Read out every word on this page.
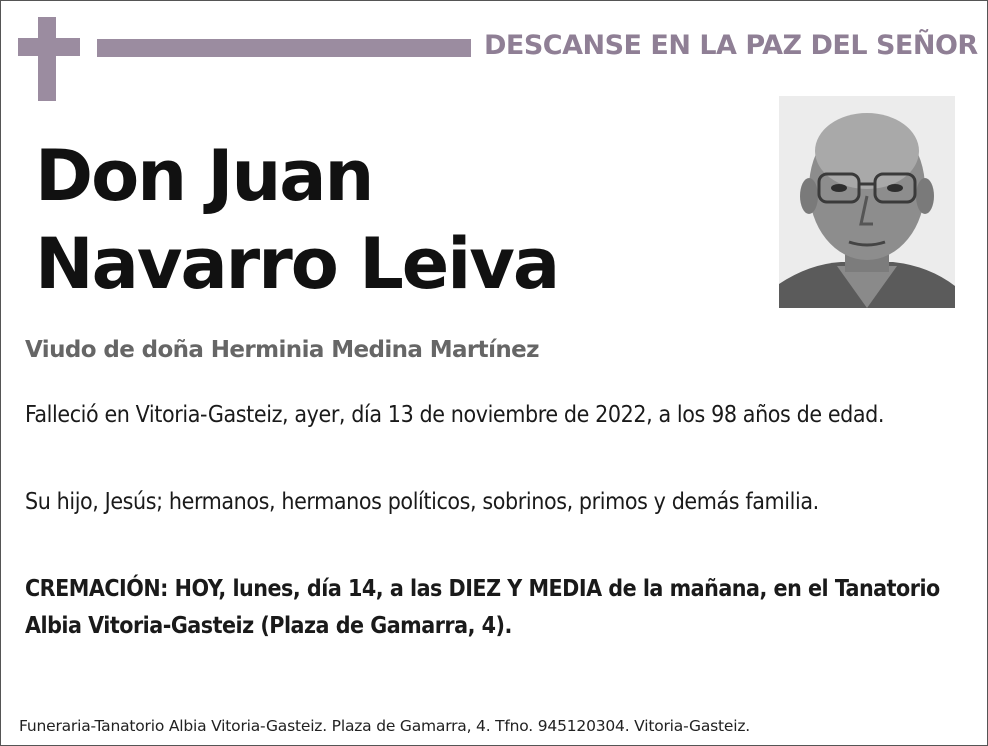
DESCANSE EN LA PAZ DEL SEÑOR
Don Juan
Navarro Leiva
Viudo de doña Herminia Medina Martínez
Falleció en Vitoria-Gasteiz, ayer, día 13 de noviembre de 2022, a los 98 años de edad.
Su hijo, Jesús; hermanos, hermanos políticos, sobrinos, primos y demás familia.
CREMACIÓN: HOY, lunes, día 14, a las DIEZ Y MEDIA de la mañana, en el Tanatorio Albia Vitoria-Gasteiz (Plaza de Gamarra, 4).
Funeraria-Tanatorio Albia Vitoria-Gasteiz. Plaza de Gamarra, 4. Tfno. 945120304. Vitoria-Gasteiz.
